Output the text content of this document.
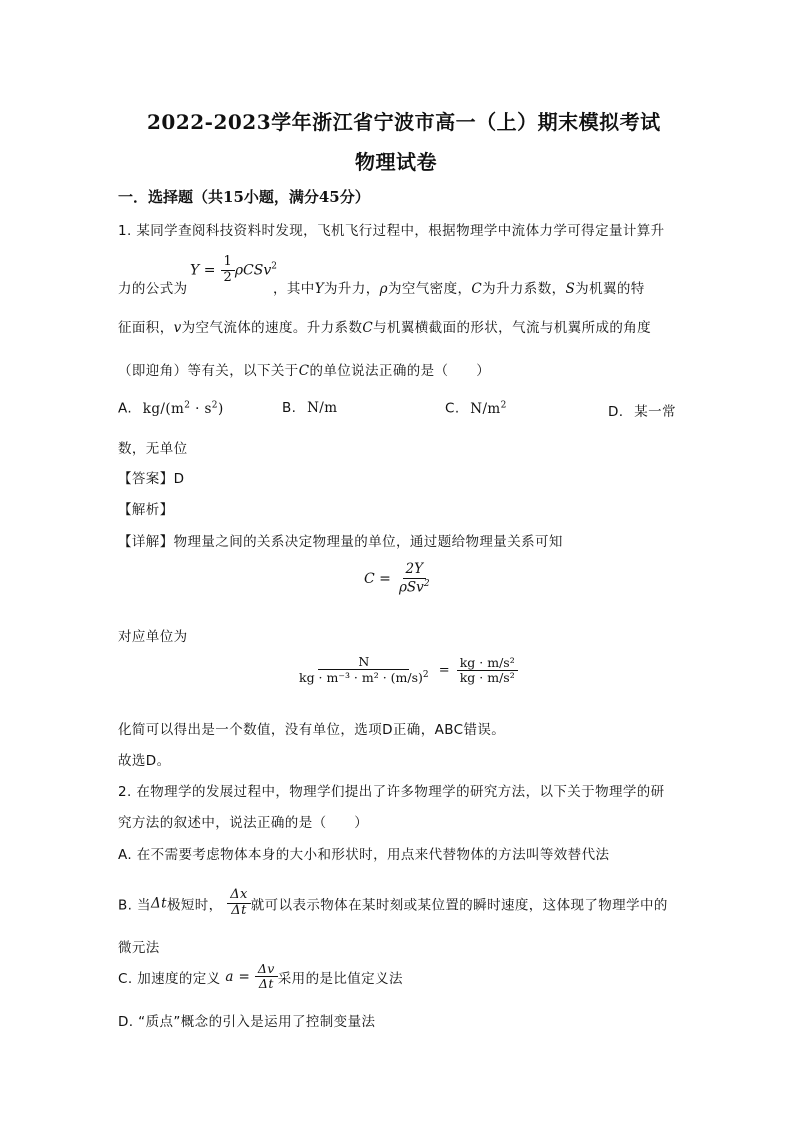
2022-2023学年浙江省宁波市高一（上）期末模拟考试
物理试卷
一．选择题（共15小题，满分45分）
1. 某同学查阅科技资料时发现，飞机飞行过程中，根据物理学中流体力学可得定量计算升
力的公式为
$Y = \frac{1}{2} \rho CSv^2$
，其中Y为升力，ρ为空气密度，C为升力系数，S为机翼的特
征面积，v为空气流体的速度。升力系数C与机翼横截面的形状，气流与机翼所成的角度
（即迎角）等有关，以下关于C的单位说法正确的是（　　）
A. $kg/(m^2 \cdot s^2)$	B. N/m	C. $N/m^2$	D. 某一常
数，无单位
【答案】D
【解析】
【详解】物理量之间的关系决定物理量的单位，通过题给物理量关系可知
$C = \frac{2Y}{\rho Sv^2}$
对应单位为
$\frac{N}{kg \cdot m^{-3} \cdot m^2 \cdot (m/s)^2} = \frac{\text{kg · m/s²}}{\text{kg · m/s²}}$
化简可以得出是一个数值，没有单位，选项D正确，ABC错误。
故选D。
2. 在物理学的发展过程中，物理学们提出了许多物理学的研究方法，以下关于物理学的研
究方法的叙述中，说法正确的是（　　）
A. 在不需要考虑物体本身的大小和形状时，用点来代替物体的方法叫等效替代法
B. 当Δt极短时， $\frac{\Delta x}{\Delta t}$ 就可以表示物体在某时刻或某位置的瞬时速度，这体现了物理学中的
微元法
C. 加速度的定义 $a = \frac{\Delta v}{\Delta t}$ 采用的是比值定义法
D. “质点”概念的引入是运用了控制变量法
